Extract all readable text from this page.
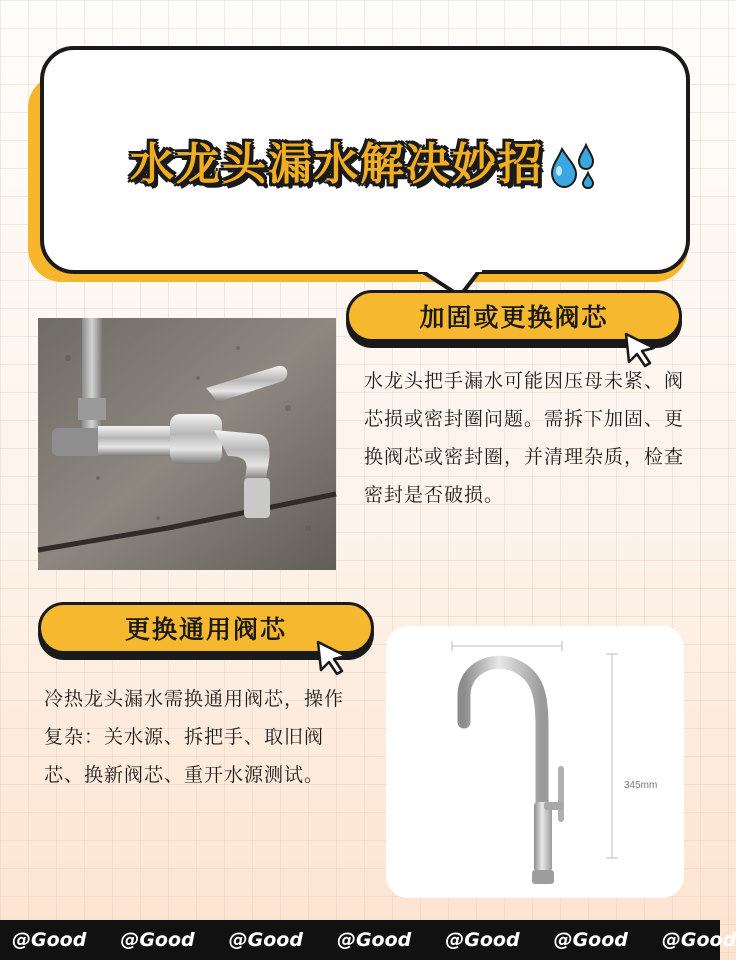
水龙头漏水解决妙招
加固或更换阀芯
水龙头把手漏水可能因压母未紧、阀芯损或密封圈问题。需拆下加固、更换阀芯或密封圈，并清理杂质，检查密封是否破损。
更换通用阀芯
冷热龙头漏水需换通用阀芯，操作复杂：关水源、拆把手、取旧阀芯、换新阀芯、重开水源测试。	345mm
@Good @Good @Good @Good @Good @Good @Good
